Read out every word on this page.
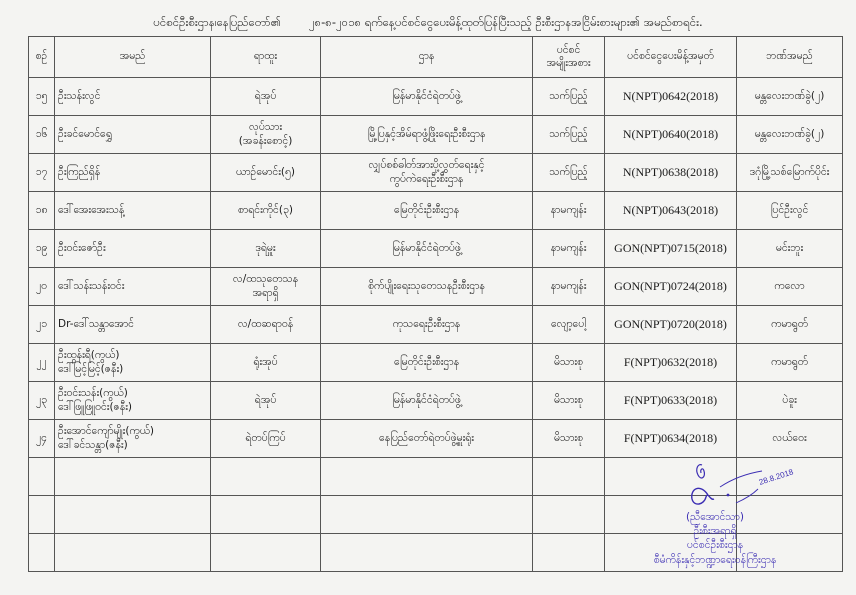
ပင်စင်ဦးစီးဌာန၊နေပြည်တော်၏ ၂၈-၈-၂၀၁၈ ရက်နေ့ပင်စင်ငွေပေးမိန့်ထုတ်ပြန်ပြီးသည့် ဦးစီးဌာနအငြိမ်းစားများ၏ အမည်စာရင်း.
စဉ်	အမည်	ရာထူး	ဌာန	ပင်စင်
အမျိုးအစား	ပင်စင်ငွေပေးမိန့်အမှတ်	ဘဏ်အမည်

၁၅	ဦးသန်းလွင်	ရဲအုပ်	မြန်မာနိုင်ငံရဲတပ်ဖွဲ့	သက်ပြည့်	N(NPT)0642(2018)	မန္တလေးဘဏ်ခွဲ(၂)

၁၆	ဦးခင်မောင်ရွှေ	လုပ်သား
(အခန်းစောင့်)	မြို့ပြနှင့်အိမ်ရာဖွံ့ဖြိုးရေးဦးစီးဌာန	သက်ပြည့်	N(NPT)0640(2018)	မန္တလေးဘဏ်ခွဲ(၂)

၁၇	ဦးကြည်ရှိန်	ယာဉ်မောင်း(၅)	လျှပ်စစ်ဓါတ်အားပို့လွှတ်ရေးနှင့်
ကွပ်ကဲရေးဦးစီးဌာန	သက်ပြည့်	N(NPT)0638(2018)	ဒဂုံမြို့သစ်မြောက်ပိုင်း

၁၈	ဒေါ်အေးအေးသန့်	စာရင်းကိုင်(၃)	မြေတိုင်းဦးစီးဌာန	နာမကျန်း	N(NPT)0643(2018)	ပြင်ဦးလွင်

၁၉	ဦးဝင်းဇော်ဦး	ဒုရဲမှူး	မြန်မာနိုင်ငံရဲတပ်ဖွဲ့	နာမကျန်း	GON(NPT)0715(2018)	မင်းဘူး

၂၀	ဒေါ်သန်းသန်းဝင်း	လ/ထသုတေသန
အရာရှိ	စိုက်ပျိုးရေးသုတေသနဦးစီးဌာန	နာမကျန်း	GON(NPT)0724(2018)	ကလော

၂၁	Dr-ဒေါ်သန္တာအောင်	လ/ထဆရာဝန်	ကုသရေးဦးစီးဌာန	လျော့ပေါ့	GON(NPT)0720(2018)	ကမာရွတ်

၂၂	ဦးထွန်းရီ(ကွယ်)
ဒေါ်မြင့်မြင့်(ဇနီး)	ရုံးအုပ်	မြေတိုင်းဦးစီးဌာန	မိသားစု	F(NPT)0632(2018)	ကမာရွတ်

၂၃	ဦးဝင်းသန်း(ကွယ်)
ဒေါ်ဖြူဖြူဝင်း(ဇနီး)	ရဲအုပ်	မြန်မာနိုင်ငံရဲတပ်ဖွဲ့	မိသားစု	F(NPT)0633(2018)	ပဲခူး

၂၄	ဦးအောင်ကျော်မျိုး(ကွယ်)
ဒေါ်ခင်သန္တာ(ဇနီး)	ရဲတပ်ကြပ်	နေပြည်တော်ရဲတပ်ဖွဲ့မှူးရုံး	မိသားစု	F(NPT)0634(2018)	လယ်ဝေး

28.8.2018
(ညီအောင်သာ)
ဦးစီးအရာရှိ
ပင်စင်ဦးစီးဌာန
စီမံကိန်းနှင့်ဘဏ္ဍာရေးဝန်ကြီးဌာန
